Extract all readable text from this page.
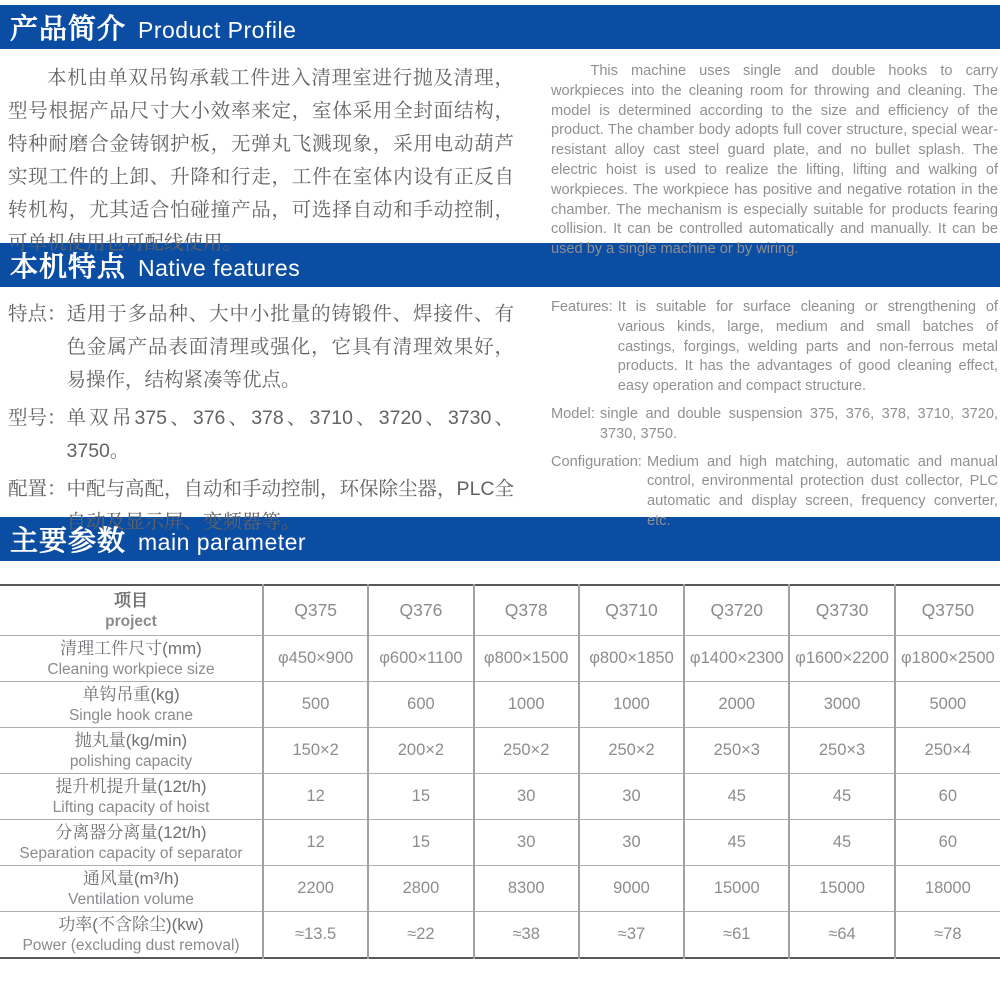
产品简介 Product Profile

本机由单双吊钩承载工件进入清理室进行抛及清理，型号根据产品尺寸大小效率来定，室体采用全封面结构，特种耐磨合金铸钢护板，无弹丸飞溅现象，采用电动葫芦实现工件的上卸、升降和行走，工件在室体内设有正反自转机构，尤其适合怕碰撞产品，可选择自动和手动控制，可单机使用也可配线使用。

This machine uses single and double hooks to carry workpieces into the cleaning room for throwing and cleaning. The model is determined according to the size and efficiency of the product. The chamber body adopts full cover structure, special wear-resistant alloy cast steel guard plate, and no bullet splash. The electric hoist is used to realize the lifting, lifting and walking of workpieces. The workpiece has positive and negative rotation in the chamber. The mechanism is especially suitable for products fearing collision. It can be controlled automatically and manually. It can be used by a single machine or by wiring.

本机特点 Native features
特点： 适用于多品种、大中小批量的铸锻件、焊接件、有色金属产品表面清理或强化，它具有清理效果好，易操作，结构紧凑等优点。
型号： 单双吊375、376、378、3710、3720、3730、3750。
配置： 中配与高配，自动和手动控制，环保除尘器，PLC全自动及显示屏、变频器等。
Features: It is suitable for surface cleaning or strengthening of various kinds, large, medium and small batches of castings, forgings, welding parts and non-ferrous metal products. It has the advantages of good cleaning effect, easy operation and compact structure.
Model: single and double suspension 375, 376, 378, 3710, 3720, 3730, 3750.
Configuration: Medium and high matching, automatic and manual control, environmental protection dust collector, PLC automatic and display screen, frequency converter, etc.
主要参数 main parameter
项目
project	Q375	Q376	Q378	Q3710	Q3720	Q3730	Q3750

清理工件尺寸(mm)
Cleaning workpiece size	φ450×900	φ600×1100	φ800×1500	φ800×1850	φ1400×2300	φ1600×2200	φ1800×2500

单钩吊重(kg)
Single hook crane	500	600	1000	1000	2000	3000	5000

抛丸量(kg/min)
polishing capacity	150×2	200×2	250×2	250×2	250×3	250×3	250×4

提升机提升量(12t/h)
Lifting capacity of hoist	12	15	30	30	45	45	60

分离器分离量(12t/h)
Separation capacity of separator	12	15	30	30	45	45	60

通风量(m³/h)
Ventilation volume	2200	2800	8300	9000	15000	15000	18000

功率(不含除尘)(kw)
Power (excluding dust removal)	≈13.5	≈22	≈38	≈37	≈61	≈64	≈78
